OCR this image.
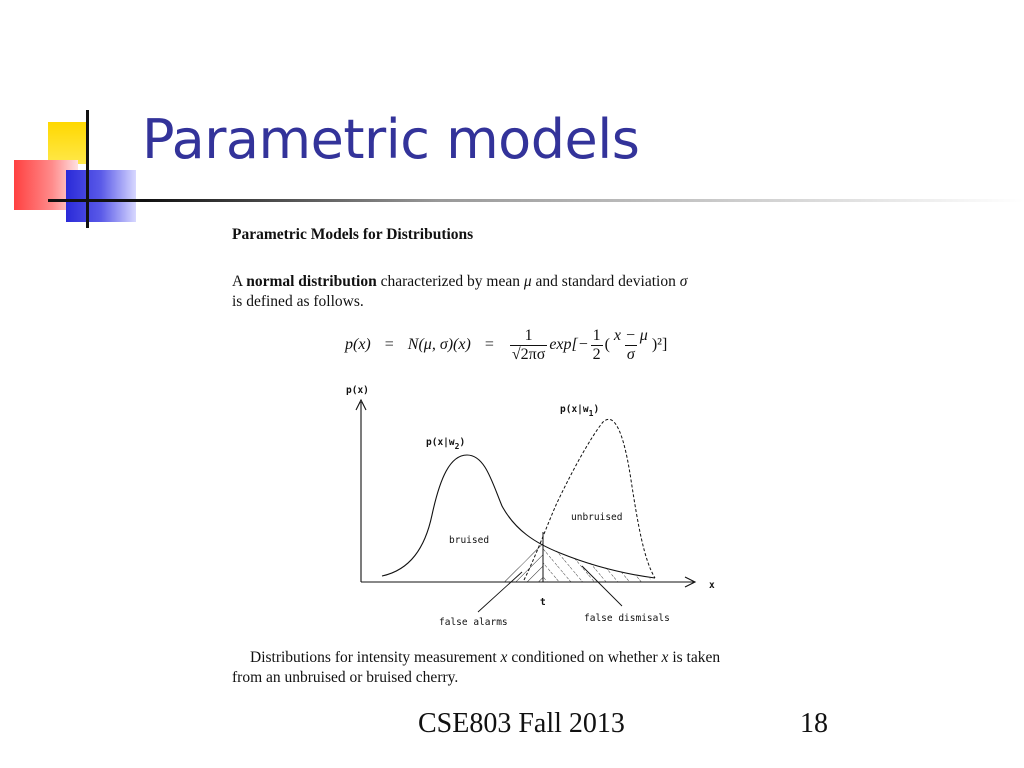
Parametric models
Parametric Models for Distributions
A normal distribution characterized by mean μ and standard deviation σ is defined as follows.
p(x) = N(μ, $\sigma)(x) = \frac{1}{√2\pi\sigma} \exp[- \frac{1}{2}$ ( $\frac{x - \mu}{\sigma} )^2$]
p(x)
x
$p(x|w_2)$
$p(x|w_1)$
bruised
unbruised
t
false alarms	false dismisals
Distributions for intensity measurement x conditioned on whether x is taken from an unbruised or bruised cherry.
CSE803 Fall 2013	18
